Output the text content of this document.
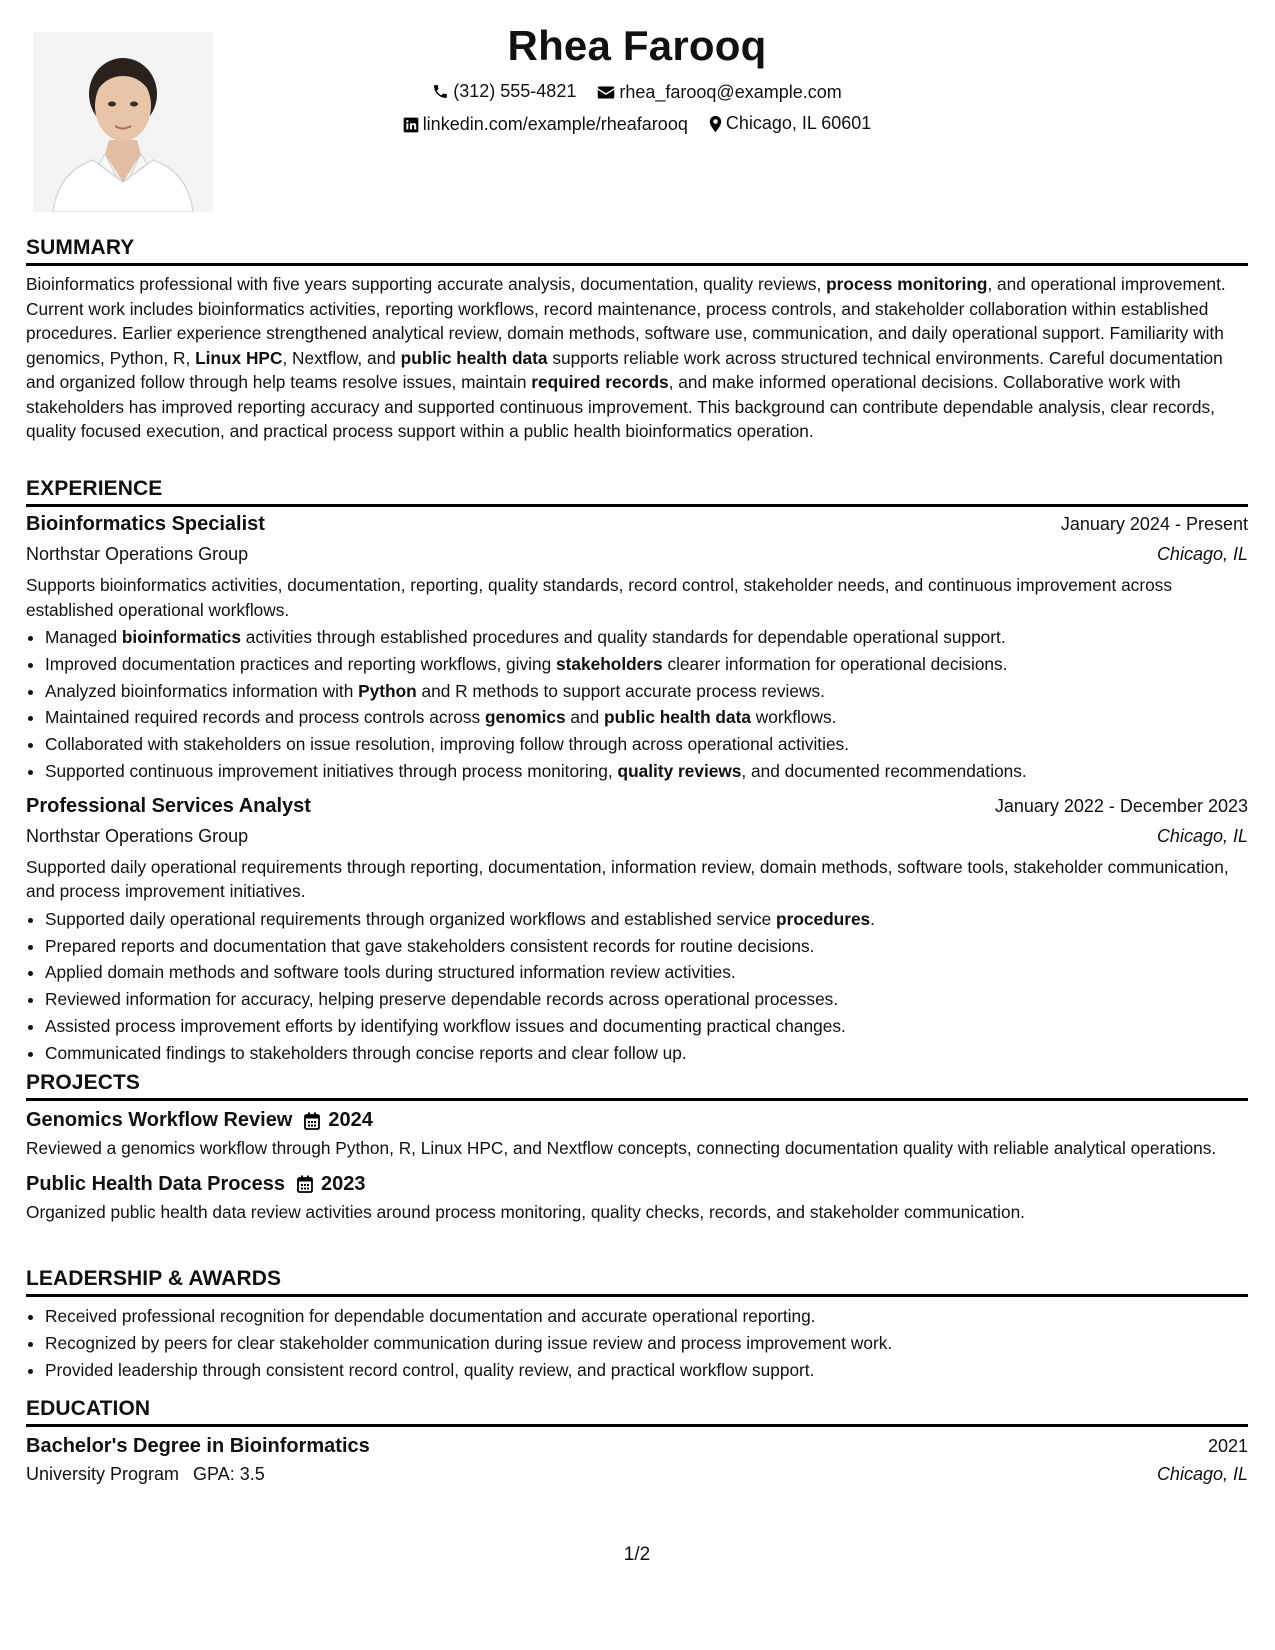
Rhea Farooq
(312) 555-4821
rhea_farooq@example.com
linkedin.com/example/rheafarooq
Chicago, IL 60601
SUMMARY

Bioinformatics professional with five years supporting accurate analysis, documentation, quality reviews, process monitoring, and operational improvement. Current work includes bioinformatics activities, reporting workflows, record maintenance, process controls, and stakeholder collaboration within established procedures. Earlier experience strengthened analytical review, domain methods, software use, communication, and daily operational support. Familiarity with genomics, Python, R, Linux HPC, Nextflow, and public health data supports reliable work across structured technical environments. Careful documentation and organized follow through help teams resolve issues, maintain required records, and make informed operational decisions. Collaborative work with stakeholders has improved reporting accuracy and supported continuous improvement. This background can contribute dependable analysis, clear records, quality focused execution, and practical process support within a public health bioinformatics operation.

EXPERIENCE
Bioinformatics Specialist	January 2024 - Present
Northstar Operations Group	Chicago, IL
Supports bioinformatics activities, documentation, reporting, quality standards, record control, stakeholder needs, and continuous improvement across established operational workflows.
• Managed bioinformatics activities through established procedures and quality standards for dependable operational support.
• Improved documentation practices and reporting workflows, giving stakeholders clearer information for operational decisions.
• Analyzed bioinformatics information with Python and R methods to support accurate process reviews.
• Maintained required records and process controls across genomics and public health data workflows.
• Collaborated with stakeholders on issue resolution, improving follow through across operational activities.
• Supported continuous improvement initiatives through process monitoring, quality reviews, and documented recommendations.
Professional Services Analyst	January 2022 - December 2023
Northstar Operations Group	Chicago, IL
Supported daily operational requirements through reporting, documentation, information review, domain methods, software tools, stakeholder communication, and process improvement initiatives.
• Supported daily operational requirements through organized workflows and established service procedures.
• Prepared reports and documentation that gave stakeholders consistent records for routine decisions.
• Applied domain methods and software tools during structured information review activities.
• Reviewed information for accuracy, helping preserve dependable records across operational processes.
• Assisted process improvement efforts by identifying workflow issues and documenting practical changes.
• Communicated findings to stakeholders through concise reports and clear follow up.
PROJECTS
Genomics Workflow Review 2024
Reviewed a genomics workflow through Python, R, Linux HPC, and Nextflow concepts, connecting documentation quality with reliable analytical operations.
Public Health Data Process 2023
Organized public health data review activities around process monitoring, quality checks, records, and stakeholder communication.
LEADERSHIP & AWARDS
• Received professional recognition for dependable documentation and accurate operational reporting.
• Recognized by peers for clear stakeholder communication during issue review and process improvement work.
• Provided leadership through consistent record control, quality review, and practical workflow support.
EDUCATION
Bachelor's Degree in Bioinformatics	2021
University Program GPA: 3.5	Chicago, IL
1/2
